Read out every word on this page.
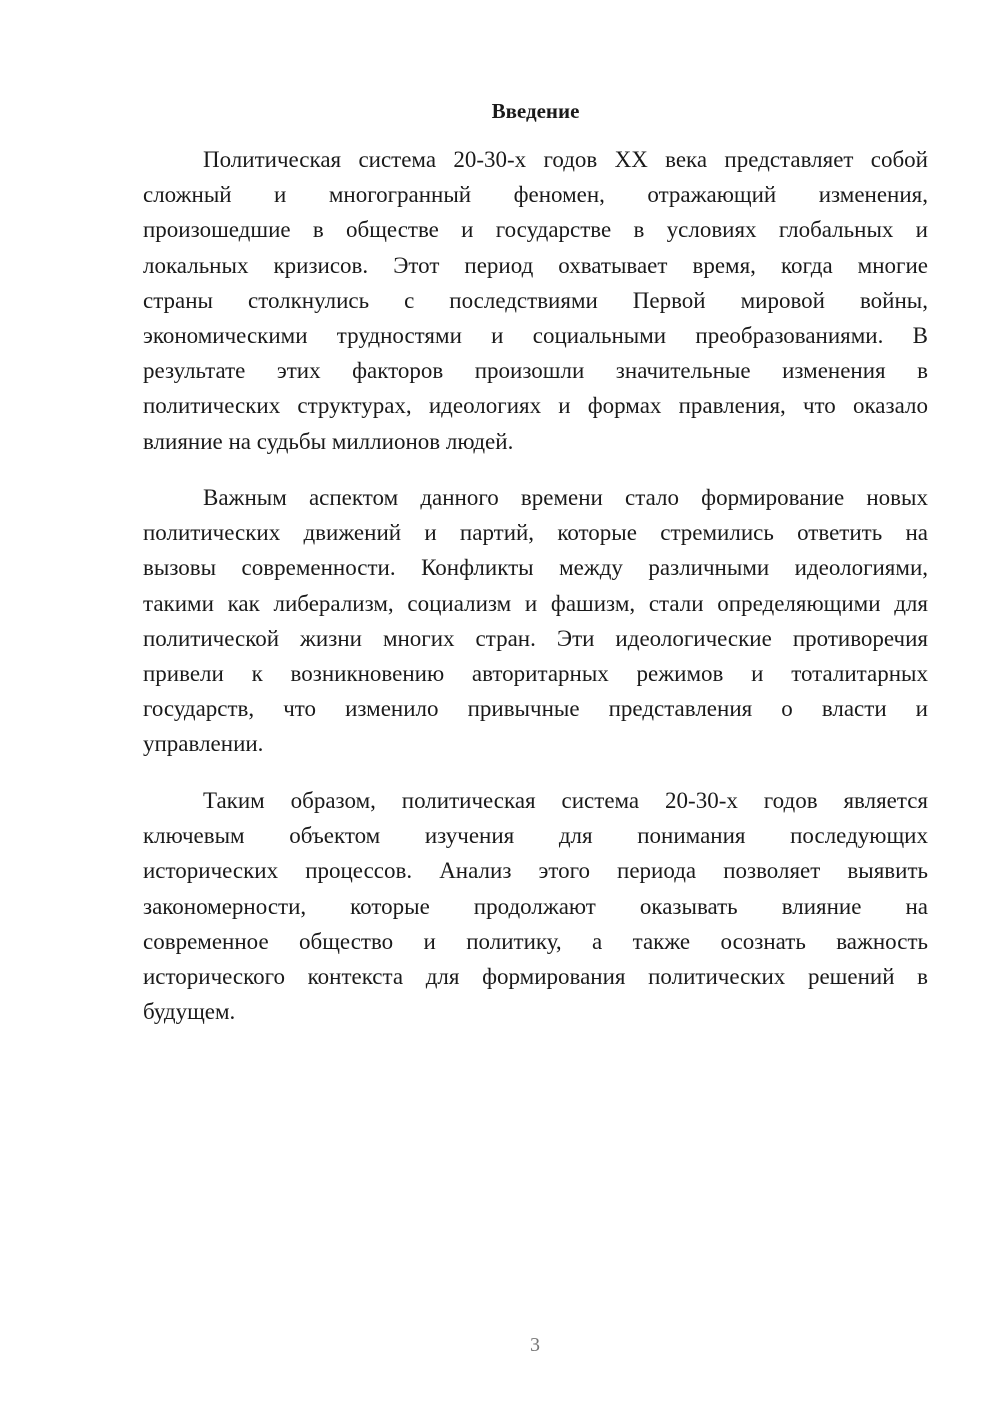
Введение
Политическая система 20-30-х годов XX века представляет собой
сложный и многогранный феномен, отражающий изменения,
произошедшие в обществе и государстве в условиях глобальных и
локальных кризисов. Этот период охватывает время, когда многие
страны столкнулись с последствиями Первой мировой войны,
экономическими трудностями и социальными преобразованиями. В
результате этих факторов произошли значительные изменения в
политических структурах, идеологиях и формах правления, что оказало
влияние на судьбы миллионов людей.
Важным аспектом данного времени стало формирование новых
политических движений и партий, которые стремились ответить на
вызовы современности. Конфликты между различными идеологиями,
такими как либерализм, социализм и фашизм, стали определяющими для
политической жизни многих стран. Эти идеологические противоречия
привели к возникновению авторитарных режимов и тоталитарных
государств, что изменило привычные представления о власти и
управлении.
Таким образом, политическая система 20-30-х годов является
ключевым объектом изучения для понимания последующих
исторических процессов. Анализ этого периода позволяет выявить
закономерности, которые продолжают оказывать влияние на
современное общество и политику, а также осознать важность
исторического контекста для формирования политических решений в
будущем.
3
